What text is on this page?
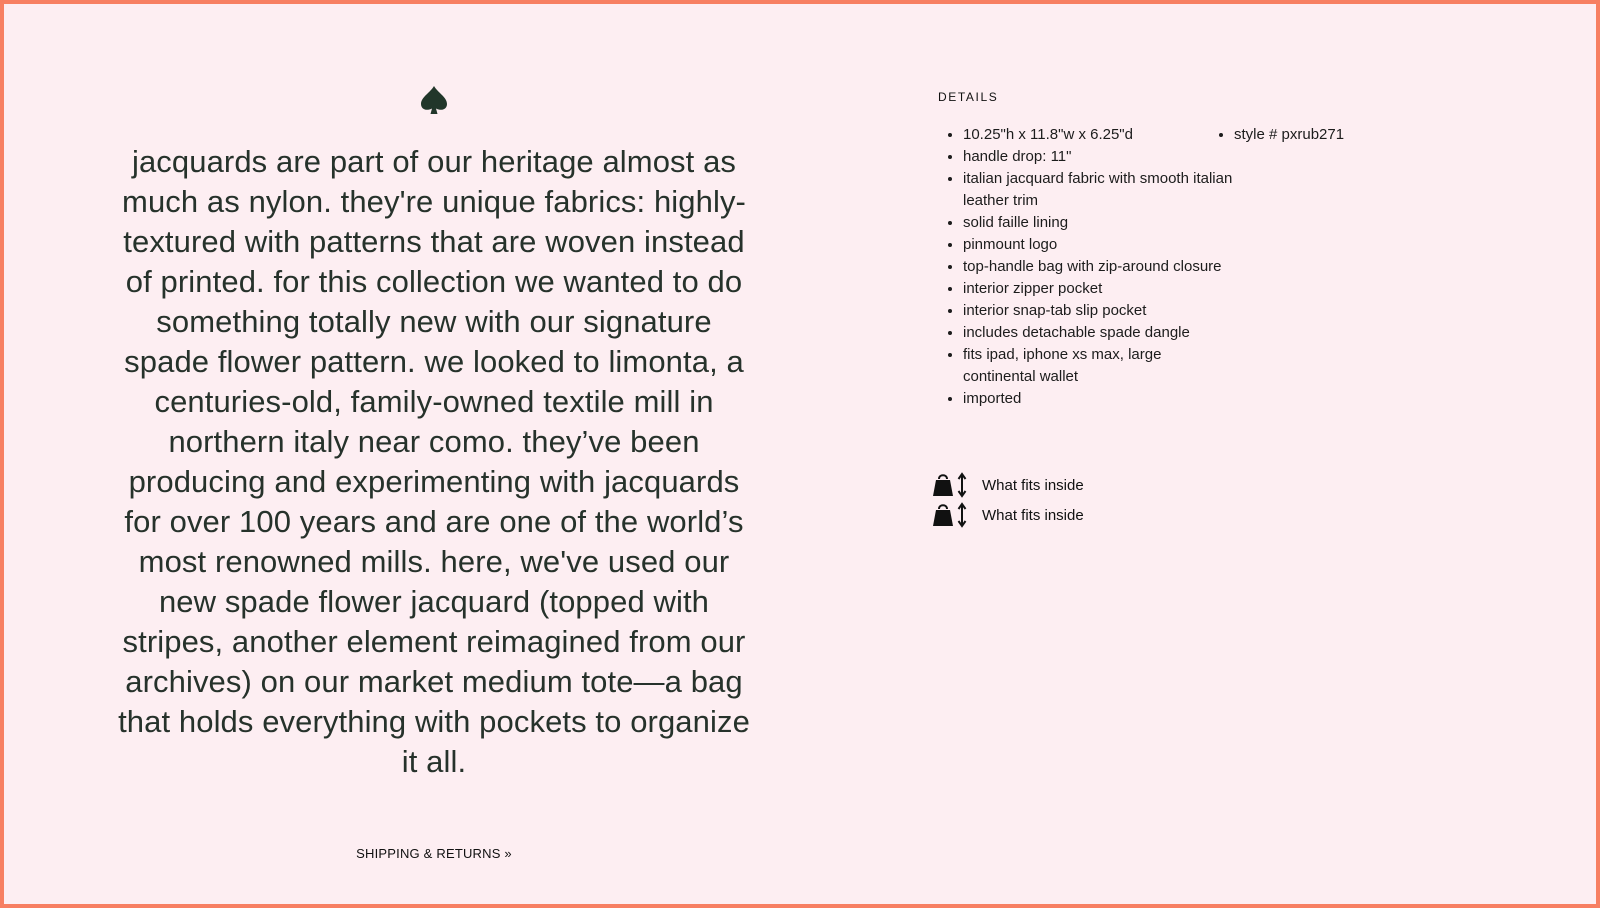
jacquards are part of our heritage almost as much as nylon. they're unique fabrics: highly-textured with patterns that are woven instead of printed. for this collection we wanted to do something totally new with our signature spade flower pattern. we looked to limonta, a centuries-old, family-owned textile mill in northern italy near como. they’ve been producing and experimenting with jacquards for over 100 years and are one of the world’s most renowned mills. here, we've used our new spade flower jacquard (topped with stripes, another element reimagined from our archives) on our market medium tote—a bag that holds everything with pockets to organize it all.

SHIPPING & RETURNS »
DETAILS
• 10.25"h x 11.8"w x 6.25"d
• handle drop: 11"
• italian jacquard fabric with smooth italian leather trim
• solid faille lining
• pinmount logo
• top-handle bag with zip-around closure
• interior zipper pocket
• interior snap-tab slip pocket
• includes detachable spade dangle
• fits ipad, iphone xs max, large continental wallet
• imported
• style # pxrub271
What fits inside
What fits inside
